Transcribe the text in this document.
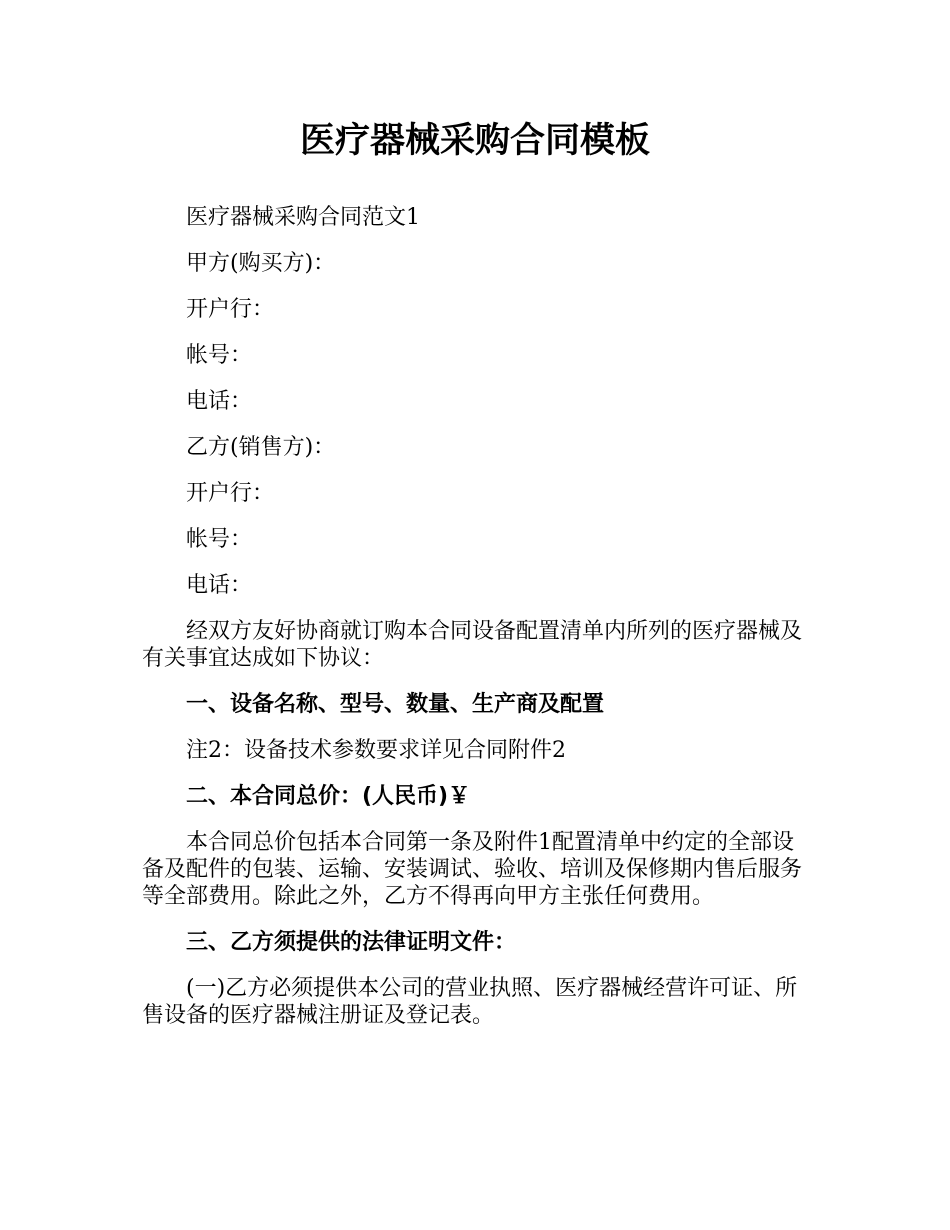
医疗器械采购合同模板

医疗器械采购合同范文1

甲方(购买方)：

开户行：

帐号：

电话：

乙方(销售方)：

开户行：

帐号：

电话：

经双方友好协商就订购本合同设备配置清单内所列的医疗器械及有关事宜达成如下协议：

一、设备名称、型号、数量、生产商及配置

注2：设备技术参数要求详见合同附件2

二、本合同总价：(人民币)￥

本合同总价包括本合同第一条及附件1配置清单中约定的全部设备及配件的包装、运输、安装调试、验收、培训及保修期内售后服务等全部费用。除此之外，乙方不得再向甲方主张任何费用。

三、乙方须提供的法律证明文件：

(一)乙方必须提供本公司的营业执照、医疗器械经营许可证、所售设备的医疗器械注册证及登记表。
